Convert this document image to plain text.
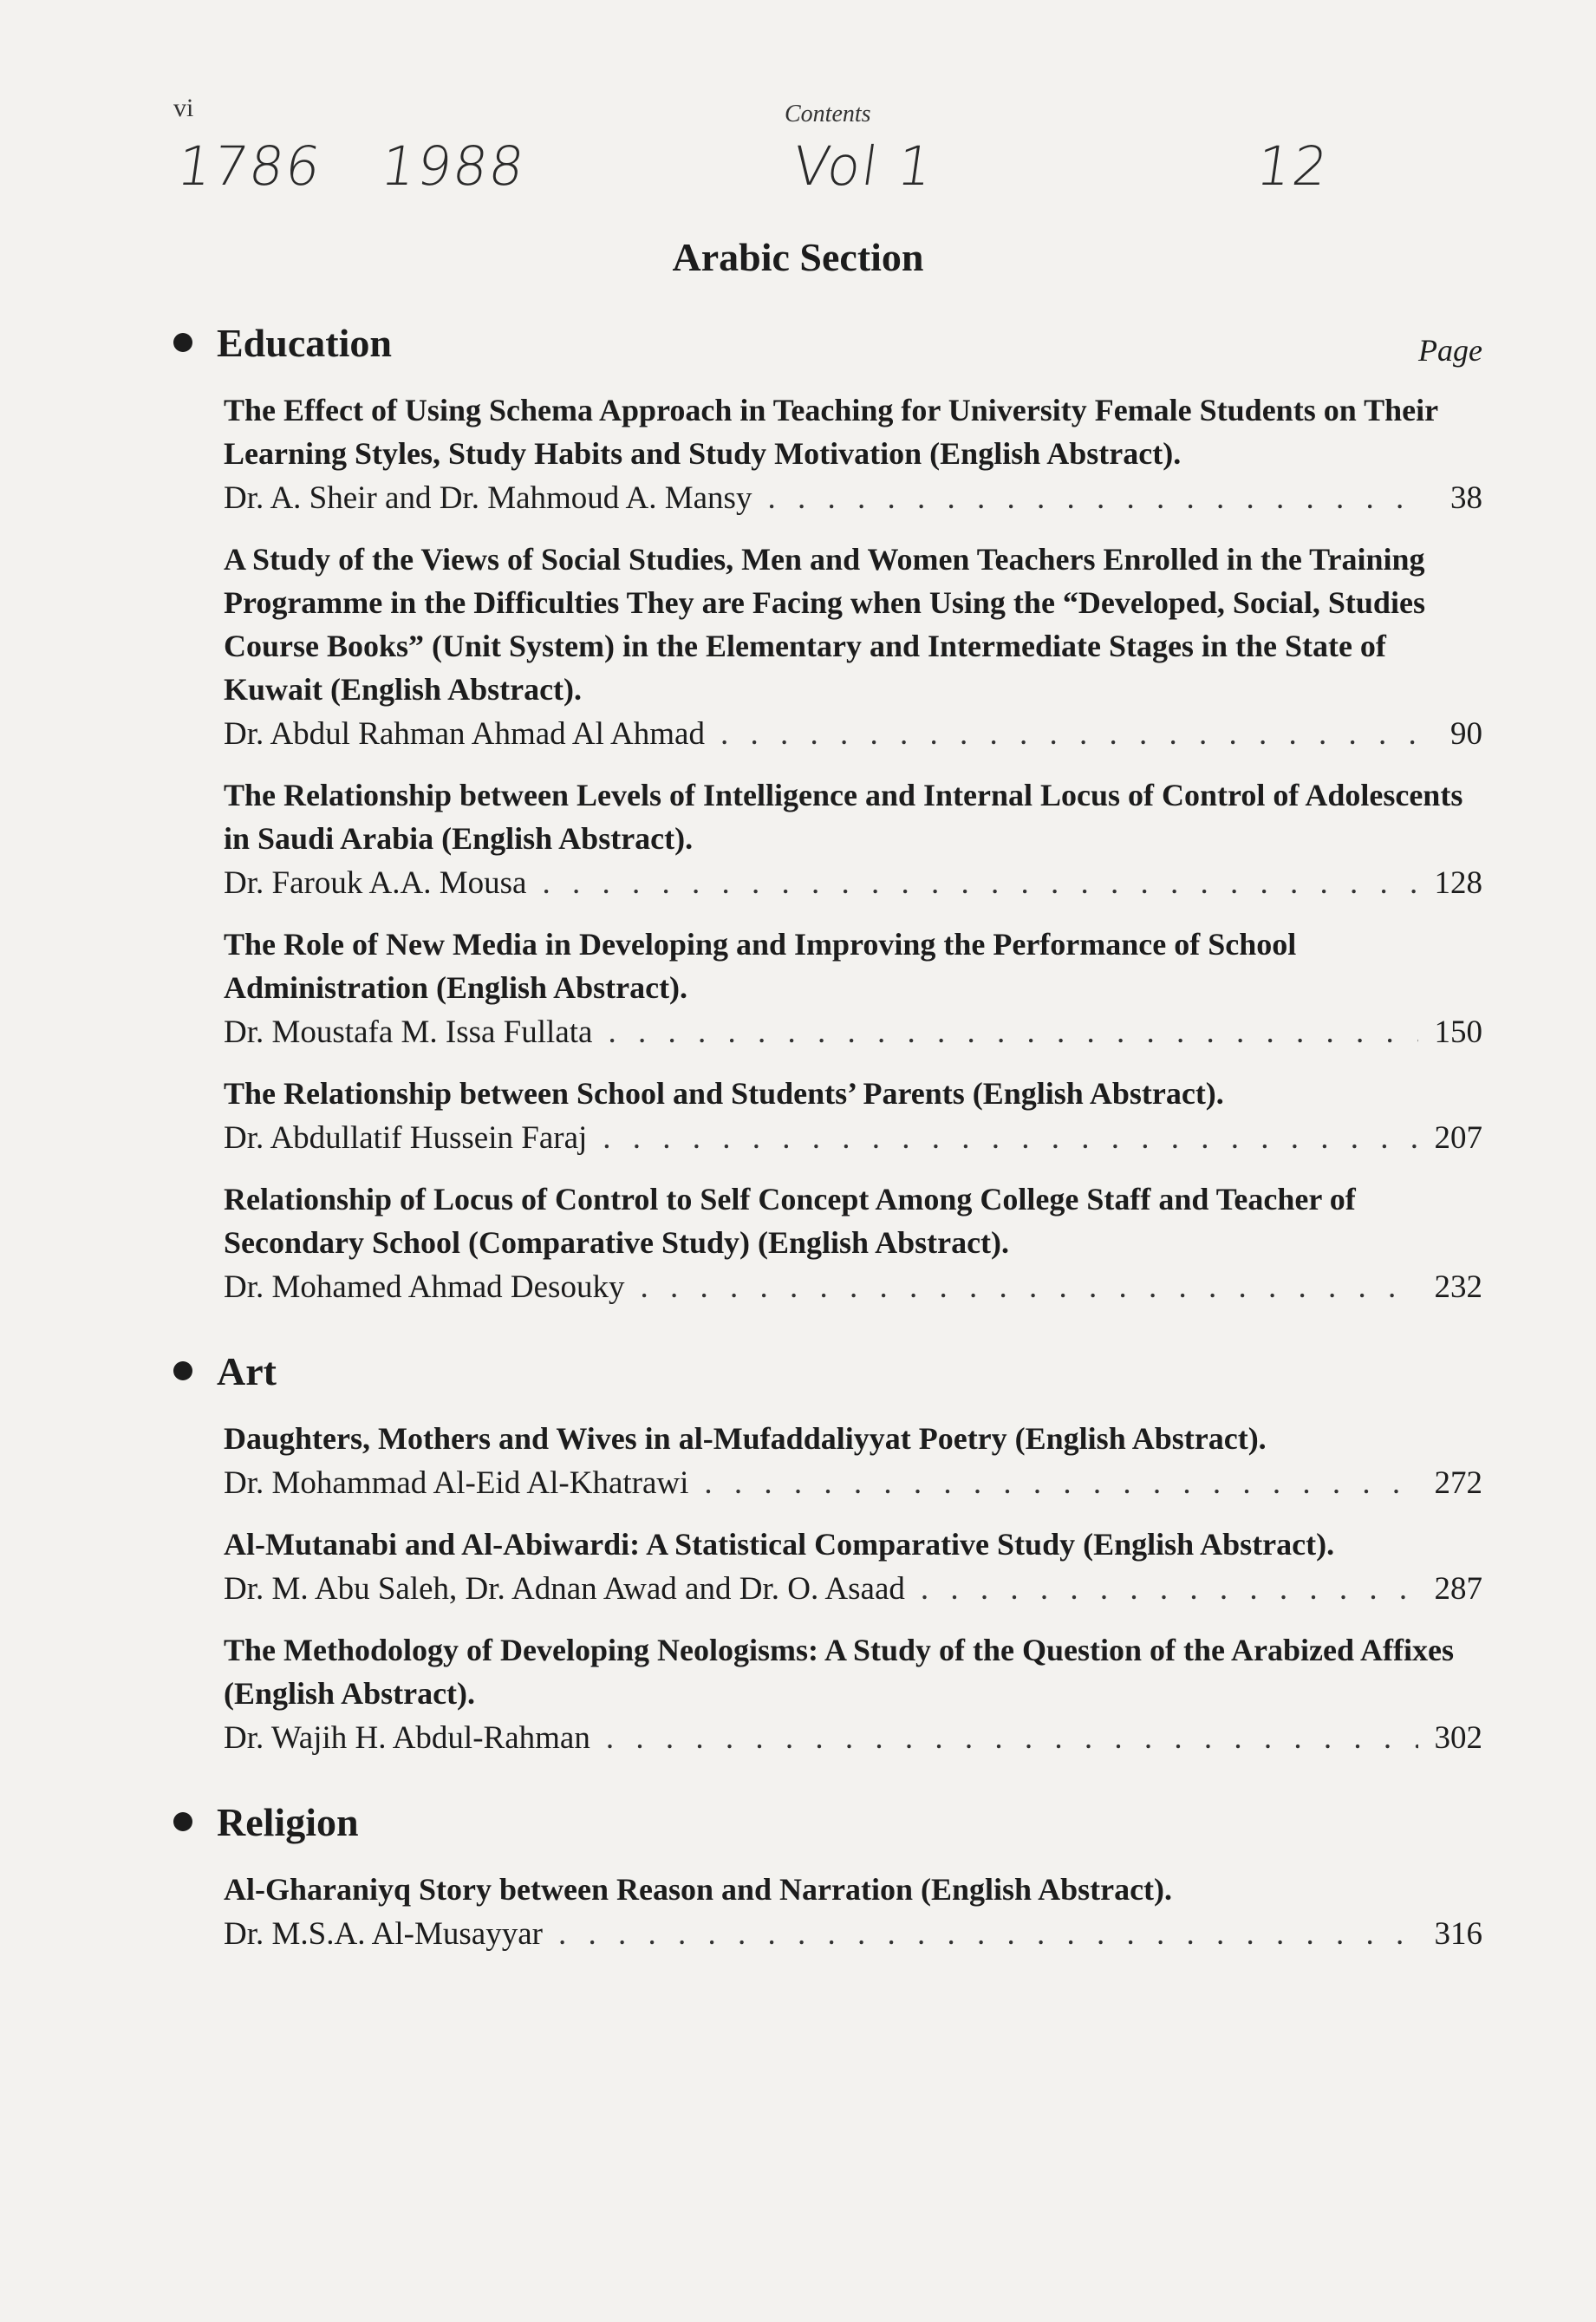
vi	Contents
1786 1988	Vol 1	12
Arabic Section
Education	Page
The Effect of Using Schema Approach in Teaching for University Female Students on Their Learning Styles, Study Habits and Study Motivation (English Abstract).
Dr. A. Sheir and Dr. Mahmoud A. Mansy . . .	38
A Study of the Views of Social Studies, Men and Women Teachers Enrolled in the Training Programme in the Difficulties They are Facing when Using the “Developed, Social, Studies Course Books” (Unit System) in the Elementary and Intermediate Stages in the State of Kuwait (English Abstract).
Dr. Abdul Rahman Ahmad Al Ahmad . . .	90
The Relationship between Levels of Intelligence and Internal Locus of Control of Adolescents in Saudi Arabia (English Abstract).
Dr. Farouk A.A. Mousa . . .	128
The Role of New Media in Developing and Improving the Performance of School Administration (English Abstract).
Dr. Moustafa M. Issa Fullata . . .	150
The Relationship between School and Students’ Parents (English Abstract).
Dr. Abdullatif Hussein Faraj . . .	207
Relationship of Locus of Control to Self Concept Among College Staff and Teacher of Secondary School (Comparative Study) (English Abstract).
Dr. Mohamed Ahmad Desouky . . .	232
Art
Daughters, Mothers and Wives in al-Mufaddaliyyat Poetry (English Abstract).
Dr. Mohammad Al-Eid Al-Khatrawi . . .	272
Al-Mutanabi and Al-Abiwardi: A Statistical Comparative Study (English Abstract).
Dr. M. Abu Saleh, Dr. Adnan Awad and Dr. O. Asaad . . .	287
The Methodology of Developing Neologisms: A Study of the Question of the Arabized Affixes (English Abstract).
Dr. Wajih H. Abdul-Rahman . . .	302
Religion
Al-Gharaniyq Story between Reason and Narration (English Abstract).
Dr. M.S.A. Al-Musayyar . . .	316
